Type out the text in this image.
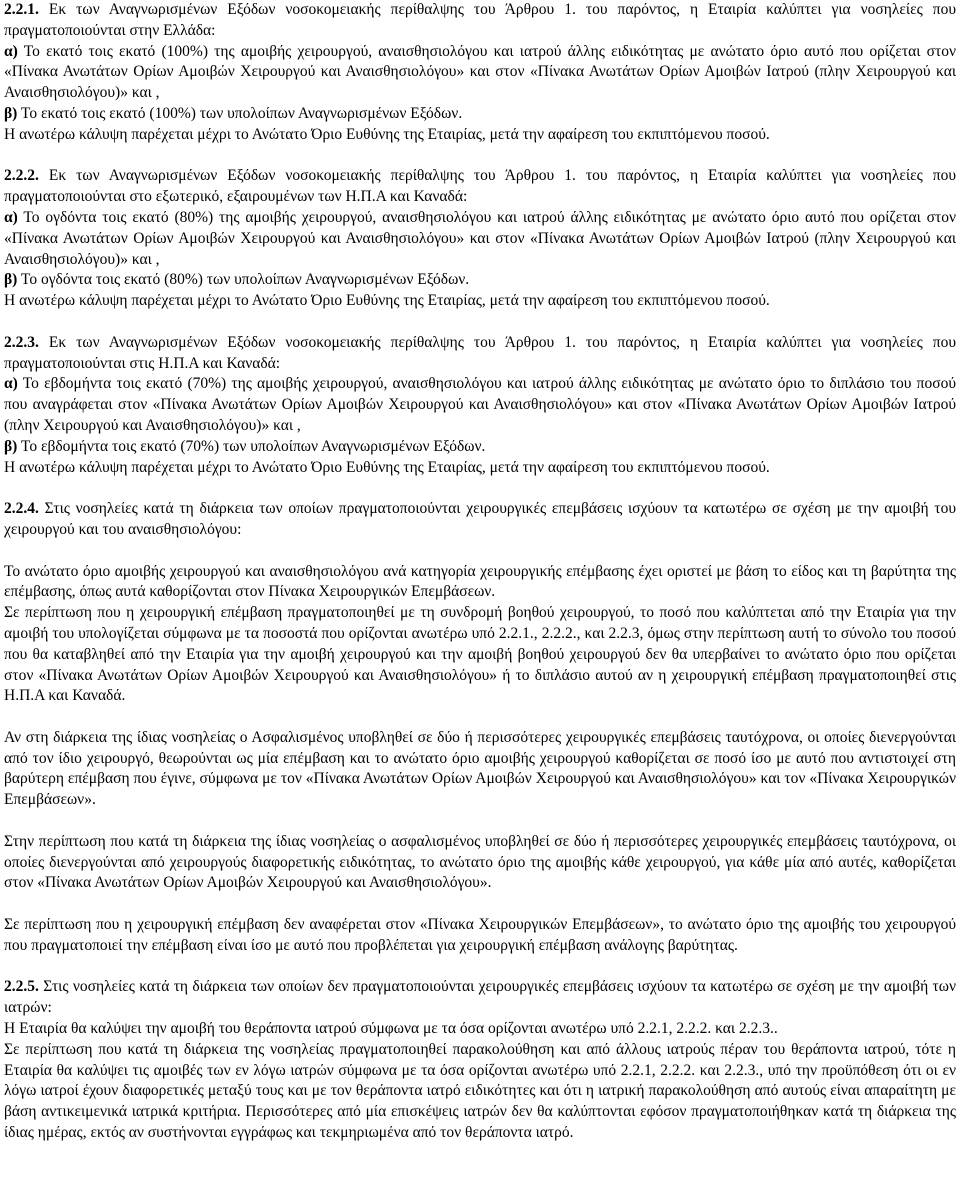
2.2.1. Εκ των Αναγνωρισμένων Εξόδων νοσοκομειακής περίθαλψης του Άρθρου 1. του παρόντος, η Εταιρία καλύπτει για νοσηλείες που πραγματοποιούνται στην Ελλάδα:

α) Το εκατό τοις εκατό (100%) της αμοιβής χειρουργού, αναισθησιολόγου και ιατρού άλλης ειδικότητας με ανώτατο όριο αυτό που ορίζεται στον «Πίνακα Ανωτάτων Ορίων Αμοιβών Χειρουργού και Αναισθησιολόγου» και στον «Πίνακα Ανωτάτων Ορίων Αμοιβών Ιατρού (πλην Χειρουργού και Αναισθησιολόγου)» και ,

β) Το εκατό τοις εκατό (100%) των υπολοίπων Αναγνωρισμένων Εξόδων.

Η ανωτέρω κάλυψη παρέχεται μέχρι το Ανώτατο Όριο Ευθύνης της Εταιρίας, μετά την αφαίρεση του εκπιπτόμενου ποσού.

2.2.2. Εκ των Αναγνωρισμένων Εξόδων νοσοκομειακής περίθαλψης του Άρθρου 1. του παρόντος, η Εταιρία καλύπτει για νοσηλείες που πραγματοποιούνται στο εξωτερικό, εξαιρουμένων των Η.Π.Α και Καναδά:

α) Το ογδόντα τοις εκατό (80%) της αμοιβής χειρουργού, αναισθησιολόγου και ιατρού άλλης ειδικότητας με ανώτατο όριο αυτό που ορίζεται στον «Πίνακα Ανωτάτων Ορίων Αμοιβών Χειρουργού και Αναισθησιολόγου» και στον «Πίνακα Ανωτάτων Ορίων Αμοιβών Ιατρού (πλην Χειρουργού και Αναισθησιολόγου)» και ,

β) Το ογδόντα τοις εκατό (80%) των υπολοίπων Αναγνωρισμένων Εξόδων.

Η ανωτέρω κάλυψη παρέχεται μέχρι το Ανώτατο Όριο Ευθύνης της Εταιρίας, μετά την αφαίρεση του εκπιπτόμενου ποσού.

2.2.3. Εκ των Αναγνωρισμένων Εξόδων νοσοκομειακής περίθαλψης του Άρθρου 1. του παρόντος, η Εταιρία καλύπτει για νοσηλείες που πραγματοποιούνται στις Η.Π.Α και Καναδά:

α) Το εβδομήντα τοις εκατό (70%) της αμοιβής χειρουργού, αναισθησιολόγου και ιατρού άλλης ειδικότητας με ανώτατο όριο το διπλάσιο του ποσού που αναγράφεται στον «Πίνακα Ανωτάτων Ορίων Αμοιβών Χειρουργού και Αναισθησιολόγου» και στον «Πίνακα Ανωτάτων Ορίων Αμοιβών Ιατρού (πλην Χειρουργού και Αναισθησιολόγου)» και ,

β) Το εβδομήντα τοις εκατό (70%) των υπολοίπων Αναγνωρισμένων Εξόδων.

Η ανωτέρω κάλυψη παρέχεται μέχρι το Ανώτατο Όριο Ευθύνης της Εταιρίας, μετά την αφαίρεση του εκπιπτόμενου ποσού.

2.2.4. Στις νοσηλείες κατά τη διάρκεια των οποίων πραγματοποιούνται χειρουργικές επεμβάσεις ισχύουν τα κατωτέρω σε σχέση με την αμοιβή του χειρουργού και του αναισθησιολόγου:

Το ανώτατο όριο αμοιβής χειρουργού και αναισθησιολόγου ανά κατηγορία χειρουργικής επέμβασης έχει οριστεί με βάση το είδος και τη βαρύτητα της επέμβασης, όπως αυτά καθορίζονται στον Πίνακα Χειρουργικών Επεμβάσεων.

Σε περίπτωση που η χειρουργική επέμβαση πραγματοποιηθεί με τη συνδρομή βοηθού χειρουργού, το ποσό που καλύπτεται από την Εταιρία για την αμοιβή του υπολογίζεται σύμφωνα με τα ποσοστά που ορίζονται ανωτέρω υπό 2.2.1., 2.2.2., και 2.2.3, όμως στην περίπτωση αυτή το σύνολο του ποσού που θα καταβληθεί από την Εταιρία για την αμοιβή χειρουργού και την αμοιβή βοηθού χειρουργού δεν θα υπερβαίνει το ανώτατο όριο που ορίζεται στον «Πίνακα Ανωτάτων Ορίων Αμοιβών Χειρουργού και Αναισθησιολόγου» ή το διπλάσιο αυτού αν η χειρουργική επέμβαση πραγματοποιηθεί στις Η.Π.Α και Καναδά.

Αν στη διάρκεια της ίδιας νοσηλείας ο Ασφαλισμένος υποβληθεί σε δύο ή περισσότερες χειρουργικές επεμβάσεις ταυτόχρονα, οι οποίες διενεργούνται από τον ίδιο χειρουργό, θεωρούνται ως μία επέμβαση και το ανώτατο όριο αμοιβής χειρουργού καθορίζεται σε ποσό ίσο με αυτό που αντιστοιχεί στη βαρύτερη επέμβαση που έγινε, σύμφωνα με τον «Πίνακα Ανωτάτων Ορίων Αμοιβών Χειρουργού και Αναισθησιολόγου» και τον «Πίνακα Χειρουργικών Επεμβάσεων».

Στην περίπτωση που κατά τη διάρκεια της ίδιας νοσηλείας ο ασφαλισμένος υποβληθεί σε δύο ή περισσότερες χειρουργικές επεμβάσεις ταυτόχρονα, οι οποίες διενεργούνται από χειρουργούς διαφορετικής ειδικότητας, το ανώτατο όριο της αμοιβής κάθε χειρουργού, για κάθε μία από αυτές, καθορίζεται στον «Πίνακα Ανωτάτων Ορίων Αμοιβών Χειρουργού και Αναισθησιολόγου».

Σε περίπτωση που η χειρουργική επέμβαση δεν αναφέρεται στον «Πίνακα Χειρουργικών Επεμβάσεων», το ανώτατο όριο της αμοιβής του χειρουργού που πραγματοποιεί την επέμβαση είναι ίσο με αυτό που προβλέπεται για χειρουργική επέμβαση ανάλογης βαρύτητας.

2.2.5. Στις νοσηλείες κατά τη διάρκεια των οποίων δεν πραγματοποιούνται χειρουργικές επεμβάσεις ισχύουν τα κατωτέρω σε σχέση με την αμοιβή των ιατρών:

Η Εταιρία θα καλύψει την αμοιβή του θεράποντα ιατρού σύμφωνα με τα όσα ορίζονται ανωτέρω υπό 2.2.1, 2.2.2. και 2.2.3..

Σε περίπτωση που κατά τη διάρκεια της νοσηλείας πραγματοποιηθεί παρακολούθηση και από άλλους ιατρούς πέραν του θεράποντα ιατρού, τότε η Εταιρία θα καλύψει τις αμοιβές των εν λόγω ιατρών σύμφωνα με τα όσα ορίζονται ανωτέρω υπό 2.2.1, 2.2.2. και 2.2.3., υπό την προϋπόθεση ότι οι εν λόγω ιατροί έχουν διαφορετικές μεταξύ τους και με τον θεράποντα ιατρό ειδικότητες και ότι η ιατρική παρακολούθηση από αυτούς είναι απαραίτητη με βάση αντικειμενικά ιατρικά κριτήρια. Περισσότερες από μία επισκέψεις ιατρών δεν θα καλύπτονται εφόσον πραγματοποιήθηκαν κατά τη διάρκεια της ίδιας ημέρας, εκτός αν συστήνονται εγγράφως και τεκμηριωμένα από τον θεράποντα ιατρό.
